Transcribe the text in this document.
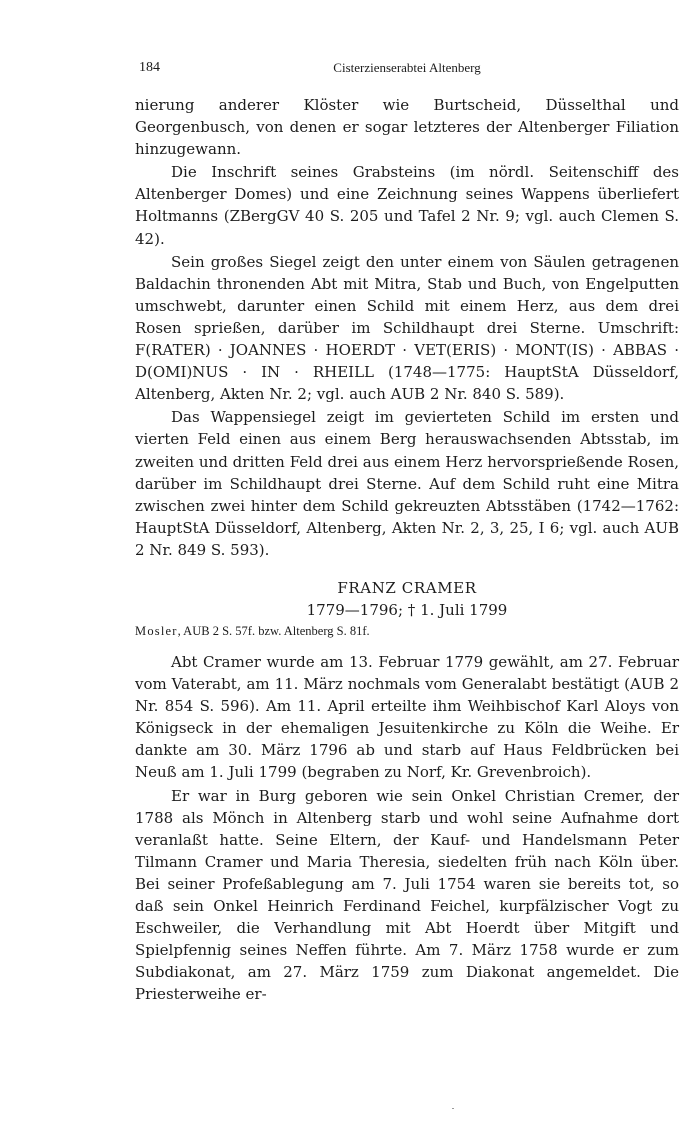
184	Cisterzienserabtei Altenberg

nierung anderer Klöster wie Burtscheid, Düsselthal und Georgenbusch, von denen er sogar letzteres der Altenberger Filiation hinzugewann.

Die Inschrift seines Grabsteins (im nördl. Seitenschiff des Altenberger Domes) und eine Zeichnung seines Wappens überliefert Holtmanns (ZBergGV 40 S. 205 und Tafel 2 Nr. 9; vgl. auch Clemen S. 42).

Sein großes Siegel zeigt den unter einem von Säulen getragenen Baldachin thronenden Abt mit Mitra, Stab und Buch, von Engelputten umschwebt, darunter einen Schild mit einem Herz, aus dem drei Rosen sprießen, darüber im Schildhaupt drei Sterne. Umschrift: F(RATER) · JOANNES · HOERDT · VET(ERIS) · MONT(IS) · ABBAS · D(OMI)NUS · IN · RHEILL (1748—1775: HauptStA Düsseldorf, Altenberg, Akten Nr. 2; vgl. auch AUB 2 Nr. 840 S. 589).

Das Wappensiegel zeigt im gevierteten Schild im ersten und vierten Feld einen aus einem Berg herauswachsenden Abtsstab, im zweiten und dritten Feld drei aus einem Herz hervorsprießende Rosen, darüber im Schildhaupt drei Sterne. Auf dem Schild ruht eine Mitra zwischen zwei hinter dem Schild gekreuzten Abtsstäben (1742—1762: HauptStA Düsseldorf, Altenberg, Akten Nr. 2, 3, 25, I 6; vgl. auch AUB 2 Nr. 849 S. 593).

FRANZ CRAMER
1779—1796; † 1. Juli 1799
Mosler, AUB 2 S. 57f. bzw. Altenberg S. 81f.

Abt Cramer wurde am 13. Februar 1779 gewählt, am 27. Februar vom Vaterabt, am 11. März nochmals vom Generalabt bestätigt (AUB 2 Nr. 854 S. 596). Am 11. April erteilte ihm Weihbischof Karl Aloys von Königseck in der ehemaligen Jesuitenkirche zu Köln die Weihe. Er dankte am 30. März 1796 ab und starb auf Haus Feldbrücken bei Neuß am 1. Juli 1799 (begraben zu Norf, Kr. Grevenbroich).

Er war in Burg geboren wie sein Onkel Christian Cremer, der 1788 als Mönch in Altenberg starb und wohl seine Aufnahme dort veranlaßt hatte. Seine Eltern, der Kauf- und Handelsmann Peter Tilmann Cramer und Maria Theresia, siedelten früh nach Köln über. Bei seiner Profeßablegung am 7. Juli 1754 waren sie bereits tot, so daß sein Onkel Heinrich Ferdinand Feichel, kurpfälzischer Vogt zu Eschweiler, die Verhandlung mit Abt Hoerdt über Mitgift und Spielpfennig seines Neffen führte. Am 7. März 1758 wurde er zum Subdiakonat, am 27. März 1759 zum Diakonat angemeldet. Die Priesterweihe er-
